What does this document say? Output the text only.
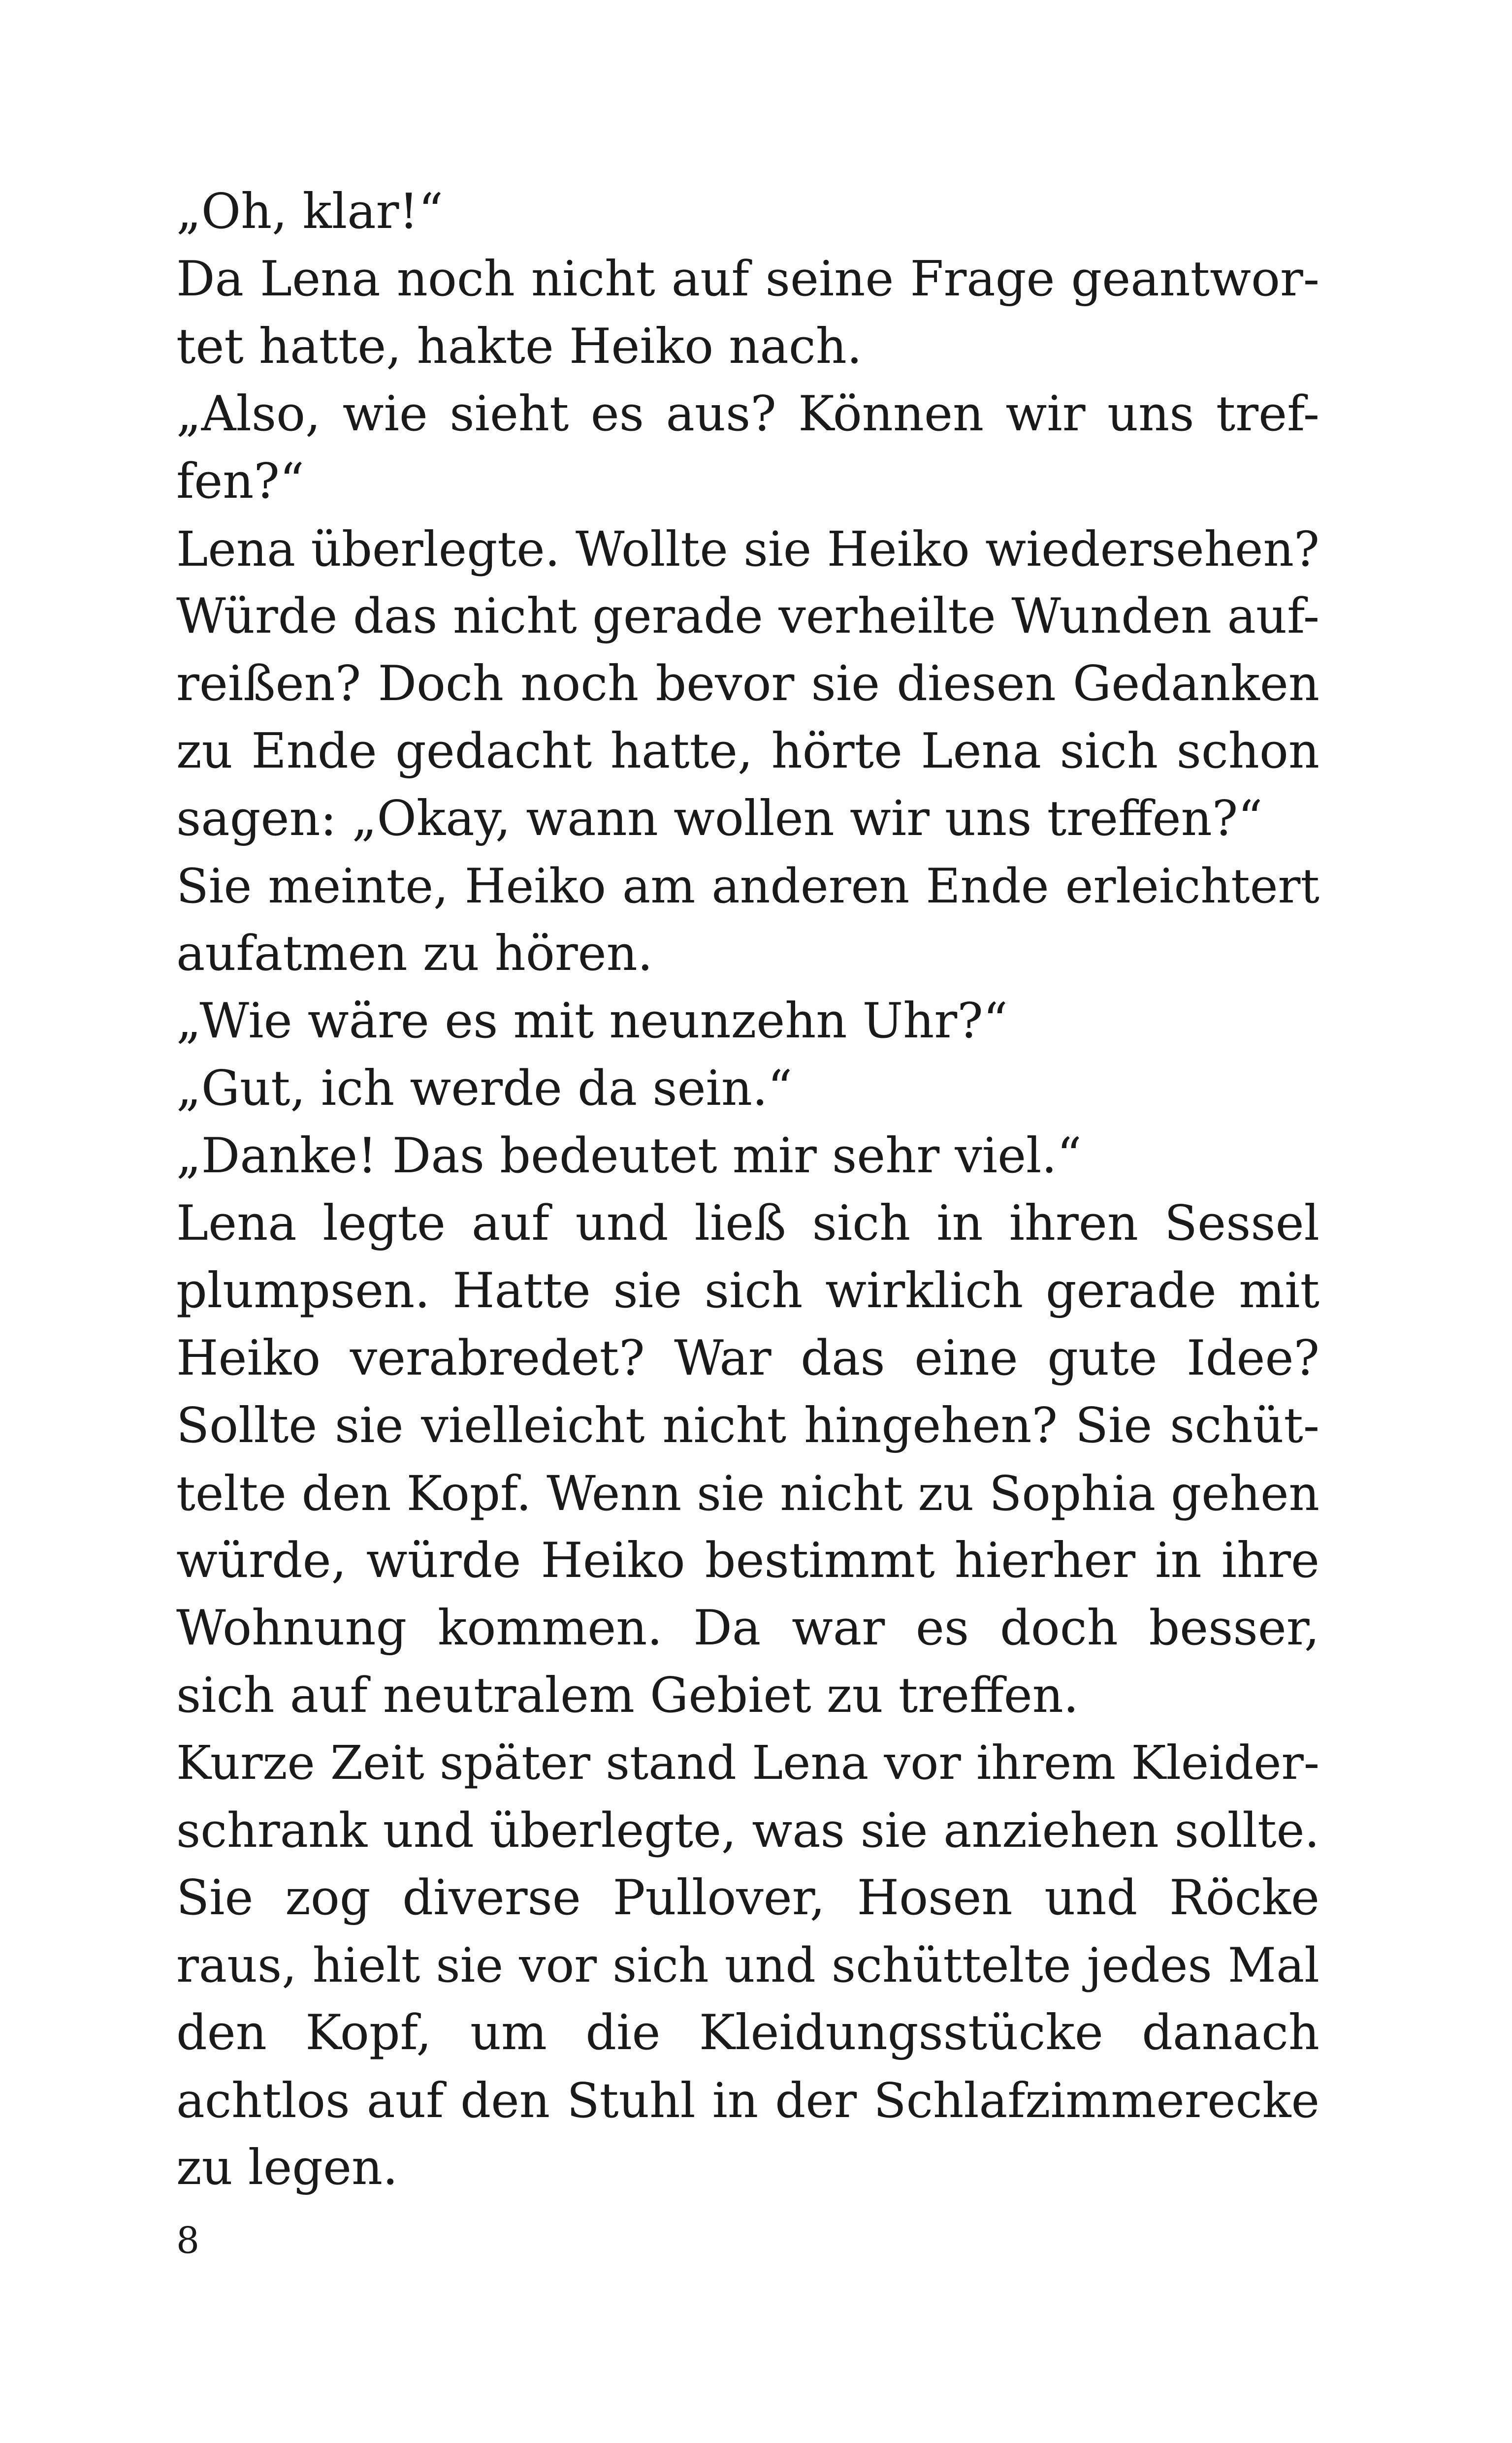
„Oh, klar!“
Da Lena noch nicht auf seine Frage geantwor-
tet hatte, hakte Heiko nach.
„Also, wie sieht es aus? Können wir uns tref-
fen?“
Lena überlegte. Wollte sie Heiko wiedersehen?
Würde das nicht gerade verheilte Wunden auf-
reißen? Doch noch bevor sie diesen Gedanken
zu Ende gedacht hatte, hörte Lena sich schon
sagen: „Okay, wann wollen wir uns treffen?“
Sie meinte, Heiko am anderen Ende erleichtert
aufatmen zu hören.
„Wie wäre es mit neunzehn Uhr?“
„Gut, ich werde da sein.“
„Danke! Das bedeutet mir sehr viel.“
Lena legte auf und ließ sich in ihren Sessel
plumpsen. Hatte sie sich wirklich gerade mit
Heiko verabredet? War das eine gute Idee?
Sollte sie vielleicht nicht hingehen? Sie schüt-
telte den Kopf. Wenn sie nicht zu Sophia gehen
würde, würde Heiko bestimmt hierher in ihre
Wohnung kommen. Da war es doch besser,
sich auf neutralem Gebiet zu treffen.
Kurze Zeit später stand Lena vor ihrem Kleider-
schrank und überlegte, was sie anziehen sollte.
Sie zog diverse Pullover, Hosen und Röcke
raus, hielt sie vor sich und schüttelte jedes Mal
den Kopf, um die Kleidungsstücke danach
achtlos auf den Stuhl in der Schlafzimmerecke
zu legen.
8
